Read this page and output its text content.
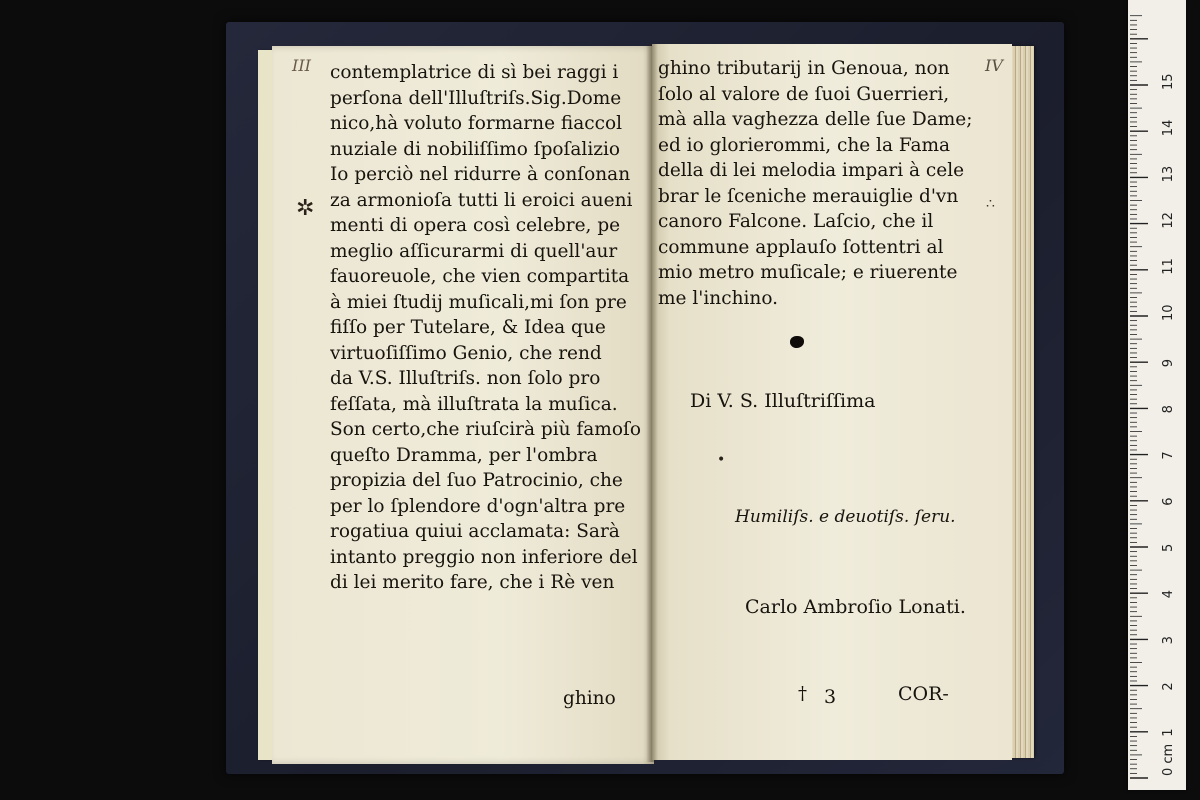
III
✲
contemplatrice di sì bei raggi i
perſona dell'Illuſtriſs.Sig.Dome
nico,hà voluto formarne fiaccol
nuziale di nobiliſſimo ſpoſalizio
Io perciò nel ridurre à conſonan
za armonioſa tutti li eroici aueni
menti di opera così celebre, pe
meglio aſſicurarmi di quell'aur
fauoreuole, che vien compartita
à miei ſtudij muſicali,mi ſon pre
fiſſo per Tutelare, & Idea que
virtuoſiſſimo Genio, che rend
da V.S. Illuſtriſs. non ſolo pro
feſſata, mà illuſtrata la muſica.
Son certo,che riuſcirà più famoſo
queſto Dramma, per l'ombra
propizia del ſuo Patrocinio, che
per lo ſplendore d'ogn'altra pre
rogatiua quiui acclamata: Sarà
intanto preggio non inferiore del
di lei merito fare, che i Rè ven
ghino
IV
∴
ghino tributarij in Genoua, non
ſolo al valore de ſuoi Guerrieri,
mà alla vaghezza delle ſue Dame;
ed io glorierommi, che la Fama
della di lei melodia impari à cele
brar le ſceniche merauiglie d'vn
canoro Falcone. Laſcio, che il
commune applauſo ſottentri al
mio metro muſicale; e riuerente
me l'inchino.
Di V. S. Illuſtriſſima
•
Humiliſs. e deuotiſs. ſeru.
Carlo Ambroſio Lonati.
† 3	COR-
0 cm
1
2
3
4
5
6
7
8
9
10
11
12
13
14
15
